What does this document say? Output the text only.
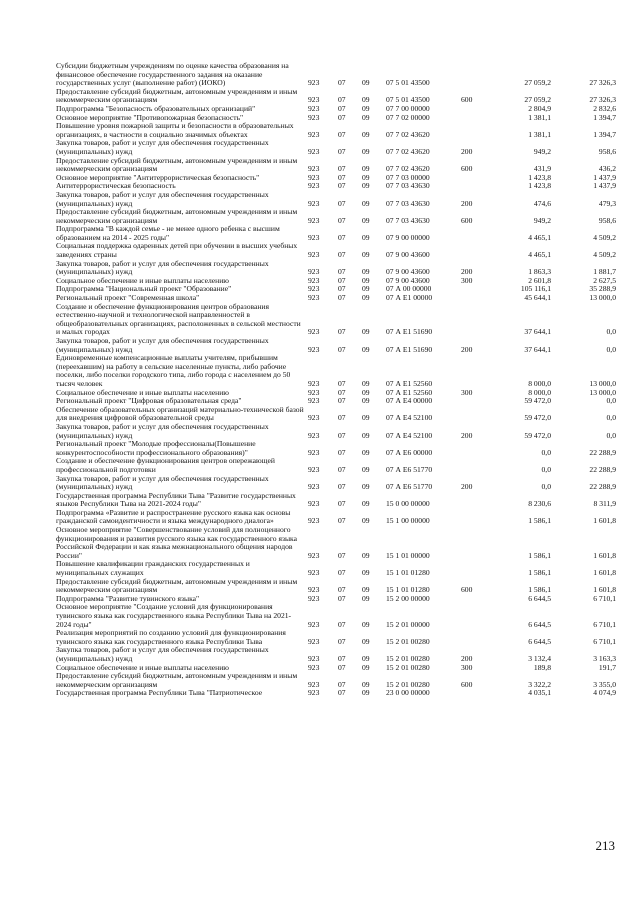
Субсидии бюджетным учреждениям по оценке качества образования на финансовое обеспечение государственного задания на оказание государственных услуг (выполнение работ) (ИОКО)	923	07	09	07 5 01 43500		27 059,2	27 326,3
Предоставление субсидий бюджетным, автономным учреждениям и иным некоммерческим организациям	923	07	09	07 5 01 43500	600	27 059,2	27 326,3
Подпрограмма "Безопасность образовательных организаций"	923	07	09	07 7 00 00000		2 804,9	2 832,6
Основное мероприятие "Противопожарная безопасность"	923	07	09	07 7 02 00000		1 381,1	1 394,7
Повышение уровня пожарной защиты и безопасности в образовательных организациях, в частности в социально значимых объектах	923	07	09	07 7 02 43620		1 381,1	1 394,7
Закупка товаров, работ и услуг для обеспечения государственных (муниципальных) нужд	923	07	09	07 7 02 43620	200	949,2	958,6
Предоставление субсидий бюджетным, автономным учреждениям и иным некоммерческим организациям	923	07	09	07 7 02 43620	600	431,9	436,2
Основное мероприятие "Антитеррористическая безопасность"	923	07	09	07 7 03 00000		1 423,8	1 437,9
Антитеррористическая безопасность	923	07	09	07 7 03 43630		1 423,8	1 437,9
Закупка товаров, работ и услуг для обеспечения государственных (муниципальных) нужд	923	07	09	07 7 03 43630	200	474,6	479,3
Предоставление субсидий бюджетным, автономным учреждениям и иным некоммерческим организациям	923	07	09	07 7 03 43630	600	949,2	958,6
Подпрограмма "В каждой семье - не менее одного ребенка с высшим образованием на 2014 - 2025 годы"	923	07	09	07 9 00 00000		4 465,1	4 509,2
Социальная поддержка одаренных детей при обучении в высших учебных заведениях страны	923	07	09	07 9 00 43600		4 465,1	4 509,2
Закупка товаров, работ и услуг для обеспечения государственных (муниципальных) нужд	923	07	09	07 9 00 43600	200	1 863,3	1 881,7
Социальное обеспечение и иные выплаты населению	923	07	09	07 9 00 43600	300	2 601,8	2 627,5
Подпрограмма "Национальный проект "Образование"	923	07	09	07 А 00 00000		105 116,1	35 288,9
Региональный проект "Современная школа"	923	07	09	07 А Е1 00000		45 644,1	13 000,0
Создание и обеспечение функционирования центров образования естественно-научной и технологической направленностей в общеобразовательных организациях, расположенных в сельской местности и малых городах	923	07	09	07 А Е1 51690		37 644,1	0,0
Закупка товаров, работ и услуг для обеспечения государственных (муниципальных) нужд	923	07	09	07 А Е1 51690	200	37 644,1	0,0
Единовременные компенсационные выплаты учителям, прибывшим (переехавшим) на работу в сельские населенные пункты, либо рабочие поселки, либо поселки городского типа, либо города с населением до 50 тысяч человек	923	07	09	07 А Е1 52560		8 000,0	13 000,0
Социальное обеспечение и иные выплаты населению	923	07	09	07 А Е1 52560	300	8 000,0	13 000,0
Региональный проект "Цифровая образовательная среда"	923	07	09	07 А Е4 00000		59 472,0	0,0
Обеспечение образовательных организаций материально-технической базой для внедрения цифровой образовательной среды	923	07	09	07 А Е4 52100		59 472,0	0,0
Закупка товаров, работ и услуг для обеспечения государственных (муниципальных) нужд	923	07	09	07 А Е4 52100	200	59 472,0	0,0
Региональный проект "Молодые профессионалы(Повышение конкурентоспособности профессионального образования)"	923	07	09	07 А Е6 00000		0,0	22 288,9
Создание и обеспечение функционирования центров опережающей профессиональной подготовки	923	07	09	07 А Е6 51770		0,0	22 288,9
Закупка товаров, работ и услуг для обеспечения государственных (муниципальных) нужд	923	07	09	07 А Е6 51770	200	0,0	22 288,9
Государственная программа Республики Тыва "Развитие государственных языков Республики Тыва на 2021-2024 годы"	923	07	09	15 0 00 00000		8 230,6	8 311,9
Подпрограмма «Развитие и распространение русского языка как основы гражданской самоидентичности и языка международного диалога»	923	07	09	15 1 00 00000		1 586,1	1 601,8
Основное мероприятие "Совершенствование условий для полноценного функционирования и развития русского языка как государственного языка Российской Федерации и как языка межнационального общения народов России"	923	07	09	15 1 01 00000		1 586,1	1 601,8
Повышение квалификации гражданских государственных и муниципальных служащих	923	07	09	15 1 01 01280		1 586,1	1 601,8
Предоставление субсидий бюджетным, автономным учреждениям и иным некоммерческим организациям	923	07	09	15 1 01 01280	600	1 586,1	1 601,8
Подпрограмма "Развитие тувинского языка"	923	07	09	15 2 00 00000		6 644,5	6 710,1
Основное мероприятие "Создание условий для функционирования тувинского языка как государственного языка Республики Тыва на 2021-2024 годы"	923	07	09	15 2 01 00000		6 644,5	6 710,1
Реализация мероприятий по созданию условий для функционирования тувинского языка как государственного языка Республики Тыва	923	07	09	15 2 01 00280		6 644,5	6 710,1
Закупка товаров, работ и услуг для обеспечения государственных (муниципальных) нужд	923	07	09	15 2 01 00280	200	3 132,4	3 163,3
Социальное обеспечение и иные выплаты населению	923	07	09	15 2 01 00280	300	189,8	191,7
Предоставление субсидий бюджетным, автономным учреждениям и иным некоммерческим организациям	923	07	09	15 2 01 00280	600	3 322,2	3 355,0
Государственная программа Республики Тыва "Патриотическое	923	07	09	23 0 00 00000		4 035,1	4 074,9
213
